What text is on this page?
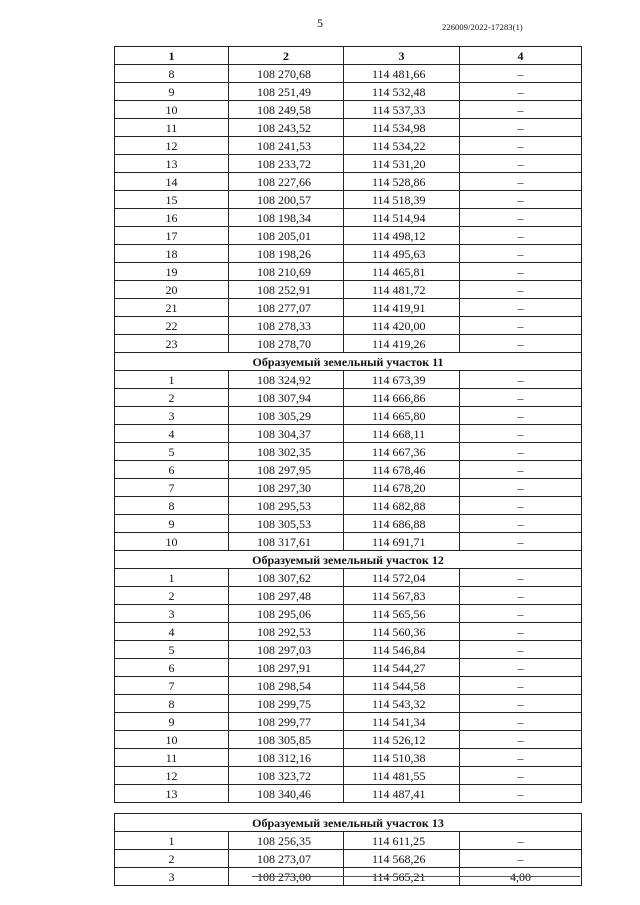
5	226009/2022-17283(1)
1	2	3	4
8	108 270,68	114 481,66	–
9	108 251,49	114 532,48	–
10	108 249,58	114 537,33	–
11	108 243,52	114 534,98	–
12	108 241,53	114 534,22	–
13	108 233,72	114 531,20	–
14	108 227,66	114 528,86	–
15	108 200,57	114 518,39	–
16	108 198,34	114 514,94	–
17	108 205,01	114 498,12	–
18	108 198,26	114 495,63	–
19	108 210,69	114 465,81	–
20	108 252,91	114 481,72	–
21	108 277,07	114 419,91	–
22	108 278,33	114 420,00	–
23	108 278,70	114 419,26	–
Образуемый земельный участок 11			
1	108 324,92	114 673,39	–
2	108 307,94	114 666,86	–
3	108 305,29	114 665,80	–
4	108 304,37	114 668,11	–
5	108 302,35	114 667,36	–
6	108 297,95	114 678,46	–
7	108 297,30	114 678,20	–
8	108 295,53	114 682,88	–
9	108 305,53	114 686,88	–
10	108 317,61	114 691,71	–
Образуемый земельный участок 12			
1	108 307,62	114 572,04	–
2	108 297,48	114 567,83	–
3	108 295,06	114 565,56	–
4	108 292,53	114 560,36	–
5	108 297,03	114 546,84	–
6	108 297,91	114 544,27	–
7	108 298,54	114 544,58	–
8	108 299,75	114 543,32	–
9	108 299,77	114 541,34	–
10	108 305,85	114 526,12	–
11	108 312,16	114 510,38	–
12	108 323,72	114 481,55	–
13	108 340,46	114 487,41	–

Образуемый земельный участок 13			
1	108 256,35	114 611,25	–
2	108 273,07	114 568,26	–
3	108 273,00	114 565,21	4,00
